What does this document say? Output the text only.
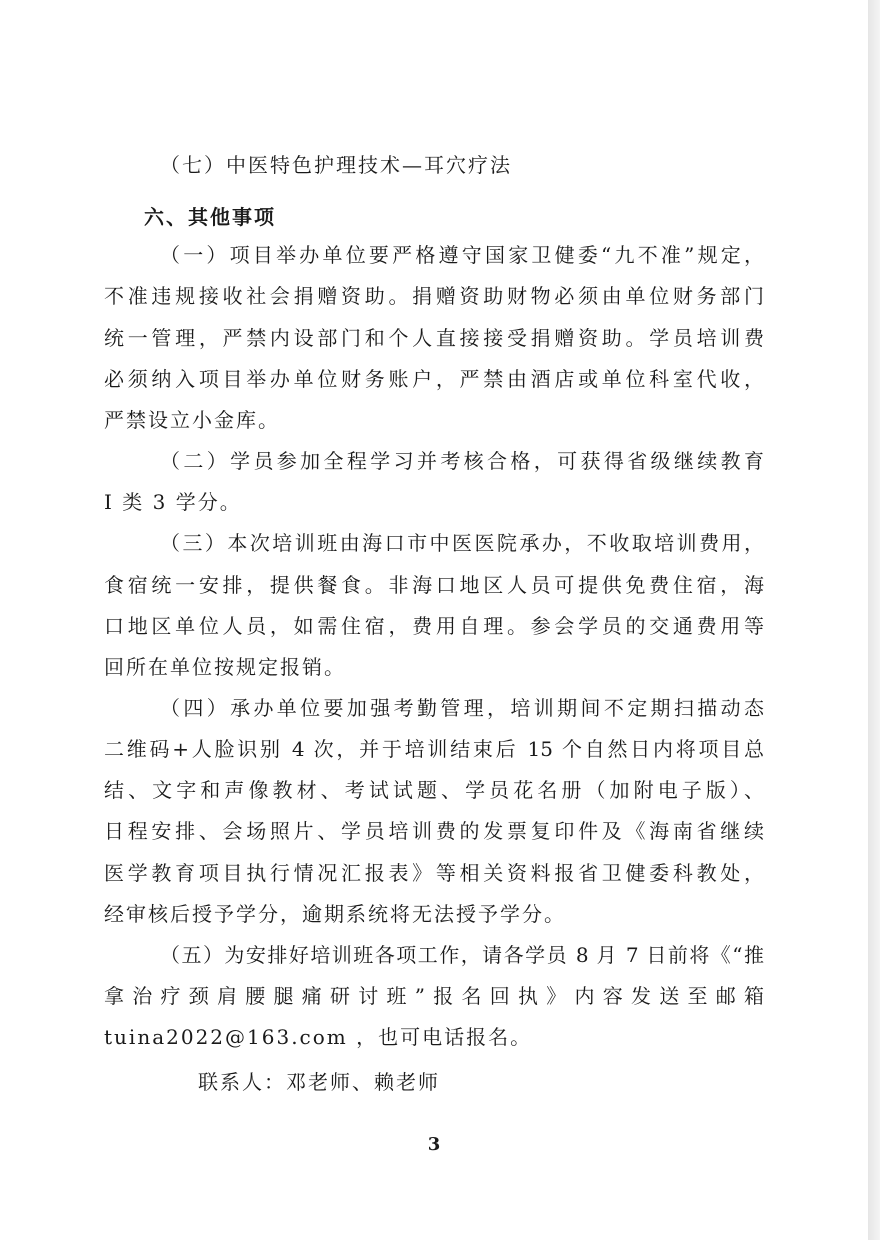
（七）中医特色护理技术—耳穴疗法
六、其他事项
（一）项目举办单位要严格遵守国家卫健委“九不准”规定，
不准违规接收社会捐赠资助。捐赠资助财物必须由单位财务部门
统一管理，严禁内设部门和个人直接接受捐赠资助。学员培训费
必须纳入项目举办单位财务账户，严禁由酒店或单位科室代收，
严禁设立小金库。
（二）学员参加全程学习并考核合格，可获得省级继续教育
I 类 3 学分。
（三）本次培训班由海口市中医医院承办，不收取培训费用，
食宿统一安排，提供餐食。非海口地区人员可提供免费住宿，海
口地区单位人员，如需住宿，费用自理。参会学员的交通费用等
回所在单位按规定报销。
（四）承办单位要加强考勤管理，培训期间不定期扫描动态
二维码+人脸识别 4 次，并于培训结束后 15 个自然日内将项目总
结、文字和声像教材、考试试题、学员花名册（加附电子版）、
日程安排、会场照片、学员培训费的发票复印件及《海南省继续
医学教育项目执行情况汇报表》等相关资料报省卫健委科教处，
经审核后授予学分，逾期系统将无法授予学分。
（五）为安排好培训班各项工作，请各学员 8 月 7 日前将《“推
拿治疗颈肩腰腿痛研讨班”报名回执》内容发送至邮箱
tuina2022@163.com ，也可电话报名。
联系人：邓老师、赖老师
3
